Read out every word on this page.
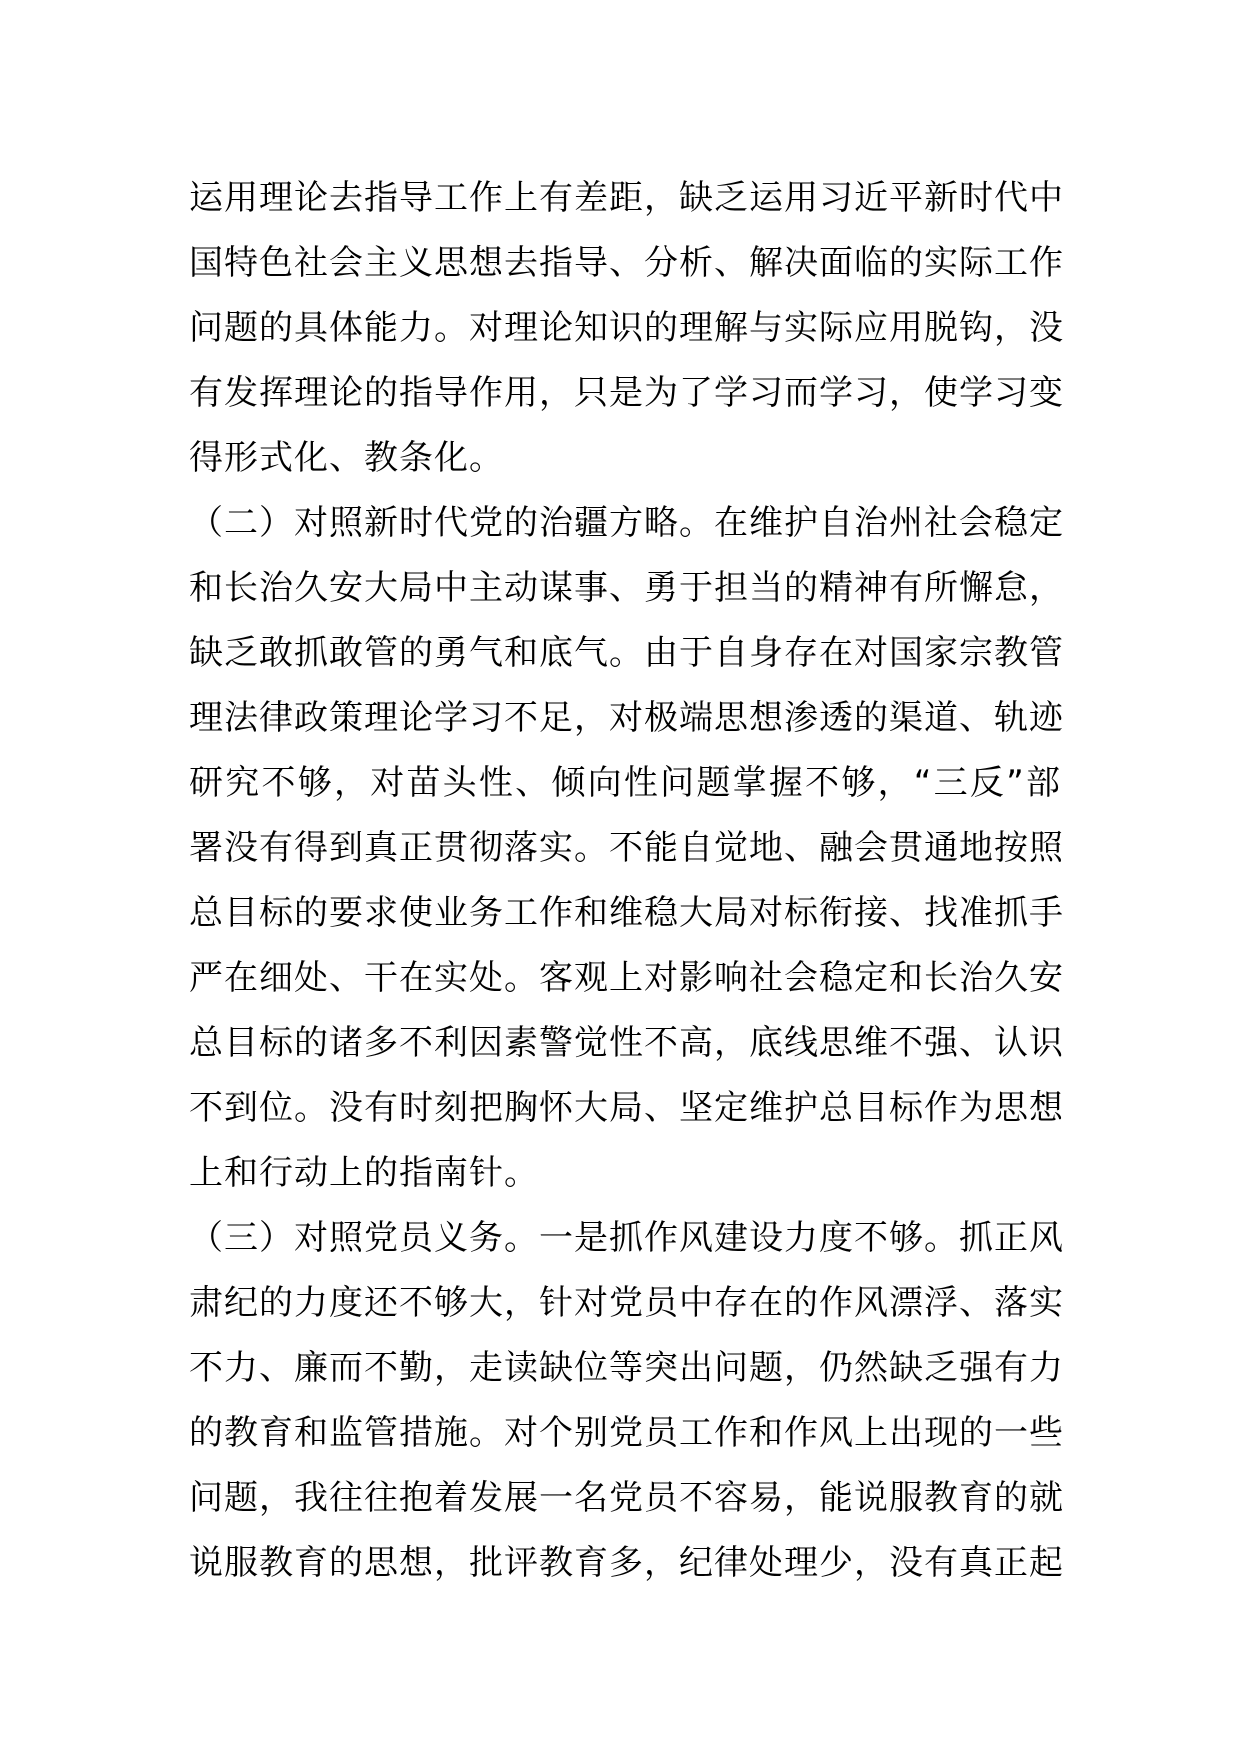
运用理论去指导工作上有差距，缺乏运用习近平新时代中
国特色社会主义思想去指导、分析、解决面临的实际工作
问题的具体能力。对理论知识的理解与实际应用脱钩，没
有发挥理论的指导作用，只是为了学习而学习，使学习变
得形式化、教条化。
（二）对照新时代党的治疆方略。在维护自治州社会稳定
和长治久安大局中主动谋事、勇于担当的精神有所懈怠，
缺乏敢抓敢管的勇气和底气。由于自身存在对国家宗教管
理法律政策理论学习不足，对极端思想渗透的渠道、轨迹
研究不够，对苗头性、倾向性问题掌握不够，“三反”部
署没有得到真正贯彻落实。不能自觉地、融会贯通地按照
总目标的要求使业务工作和维稳大局对标衔接、找准抓手
严在细处、干在实处。客观上对影响社会稳定和长治久安
总目标的诸多不利因素警觉性不高，底线思维不强、认识
不到位。没有时刻把胸怀大局、坚定维护总目标作为思想
上和行动上的指南针。
（三）对照党员义务。一是抓作风建设力度不够。抓正风
肃纪的力度还不够大，针对党员中存在的作风漂浮、落实
不力、廉而不勤，走读缺位等突出问题，仍然缺乏强有力
的教育和监管措施。对个别党员工作和作风上出现的一些
问题，我往往抱着发展一名党员不容易，能说服教育的就
说服教育的思想，批评教育多，纪律处理少，没有真正起
